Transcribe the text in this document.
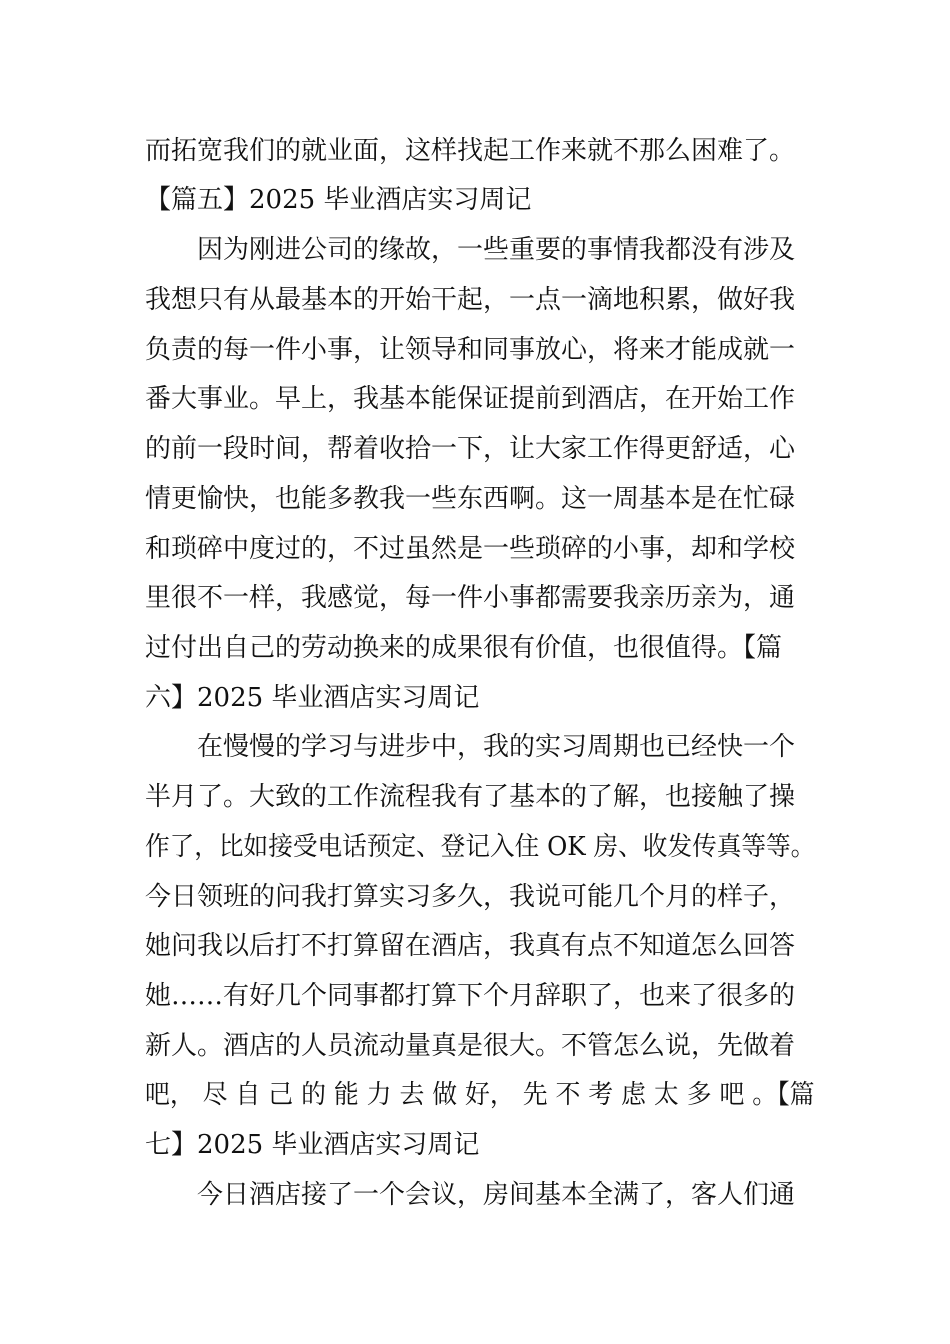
而拓宽我们的就业面，这样找起工作来就不那么困难了。
【篇五】2025 毕业酒店实习周记
因为刚进公司的缘故，一些重要的事情我都没有涉及
我想只有从最基本的开始干起，一点一滴地积累，做好我
负责的每一件小事，让领导和同事放心，将来才能成就一
番大事业。早上，我基本能保证提前到酒店，在开始工作
的前一段时间，帮着收拾一下，让大家工作得更舒适，心
情更愉快，也能多教我一些东西啊。这一周基本是在忙碌
和琐碎中度过的，不过虽然是一些琐碎的小事，却和学校
里很不一样，我感觉，每一件小事都需要我亲历亲为，通
过付出自己的劳动换来的成果很有价值，也很值得。【篇
六】2025 毕业酒店实习周记
在慢慢的学习与进步中，我的实习周期也已经快一个
半月了。大致的工作流程我有了基本的了解，也接触了操
作了，比如接受电话预定、登记入住 OK 房、收发传真等等。
今日领班的问我打算实习多久，我说可能几个月的样子，
她问我以后打不打算留在酒店，我真有点不知道怎么回答
她……有好几个同事都打算下个月辞职了，也来了很多的
新人。酒店的人员流动量真是很大。不管怎么说，先做着
吧， 尽 自 己 的 能 力 去 做 好， 先 不 考 虑 太 多 吧 。【篇
七】2025 毕业酒店实习周记
今日酒店接了一个会议，房间基本全满了，客人们通
